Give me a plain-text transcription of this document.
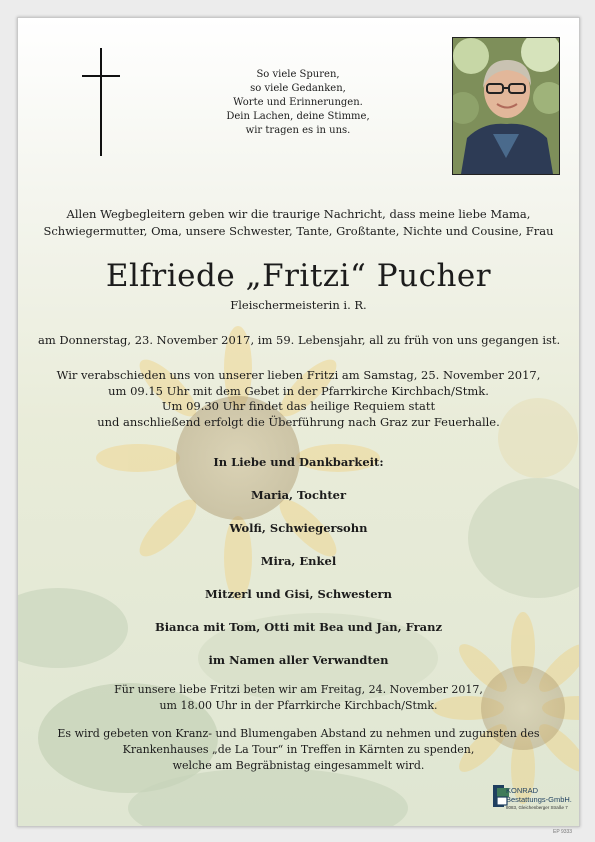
So viele Spuren,
so viele Gedanken,
Worte und Erinnerungen.
Dein Lachen, deine Stimme,
wir tragen es in uns.
Allen Wegbegleitern geben wir die traurige Nachricht, dass meine liebe Mama,
Schwiegermutter, Oma, unsere Schwester, Tante, Großtante, Nichte und Cousine, Frau
Elfriede „Fritzi“ Pucher
Fleischermeisterin i. R.
am Donnerstag, 23. November 2017, im 59. Lebensjahr, all zu früh von uns gegangen ist.
Wir verabschieden uns von unserer lieben Fritzi am Samstag, 25. November 2017,
um 09.15 Uhr mit dem Gebet in der Pfarrkirche Kirchbach/Stmk.
Um 09.30 Uhr findet das heilige Requiem statt
und anschließend erfolgt die Überführung nach Graz zur Feuerhalle.
In Liebe und Dankbarkeit:
Maria, Tochter
Wolfi, Schwiegersohn
Mira, Enkel
Mitzerl und Gisi, Schwestern
Bianca mit Tom, Otti mit Bea und Jan, Franz
im Namen aller Verwandten
Für unsere liebe Fritzi beten wir am Freitag, 24. November 2017,
um 18.00 Uhr in der Pfarrkirche Kirchbach/Stmk.
Es wird gebeten von Kranz- und Blumengaben Abstand zu nehmen und zugunsten des
Krankenhauses „de La Tour“ in Treffen in Kärnten zu spenden,
welche am Begräbnistag eingesammelt wird.
KONRAD
Bestattungs-GmbH.
8083, Gleichenberger Straße 7
EP 9333
